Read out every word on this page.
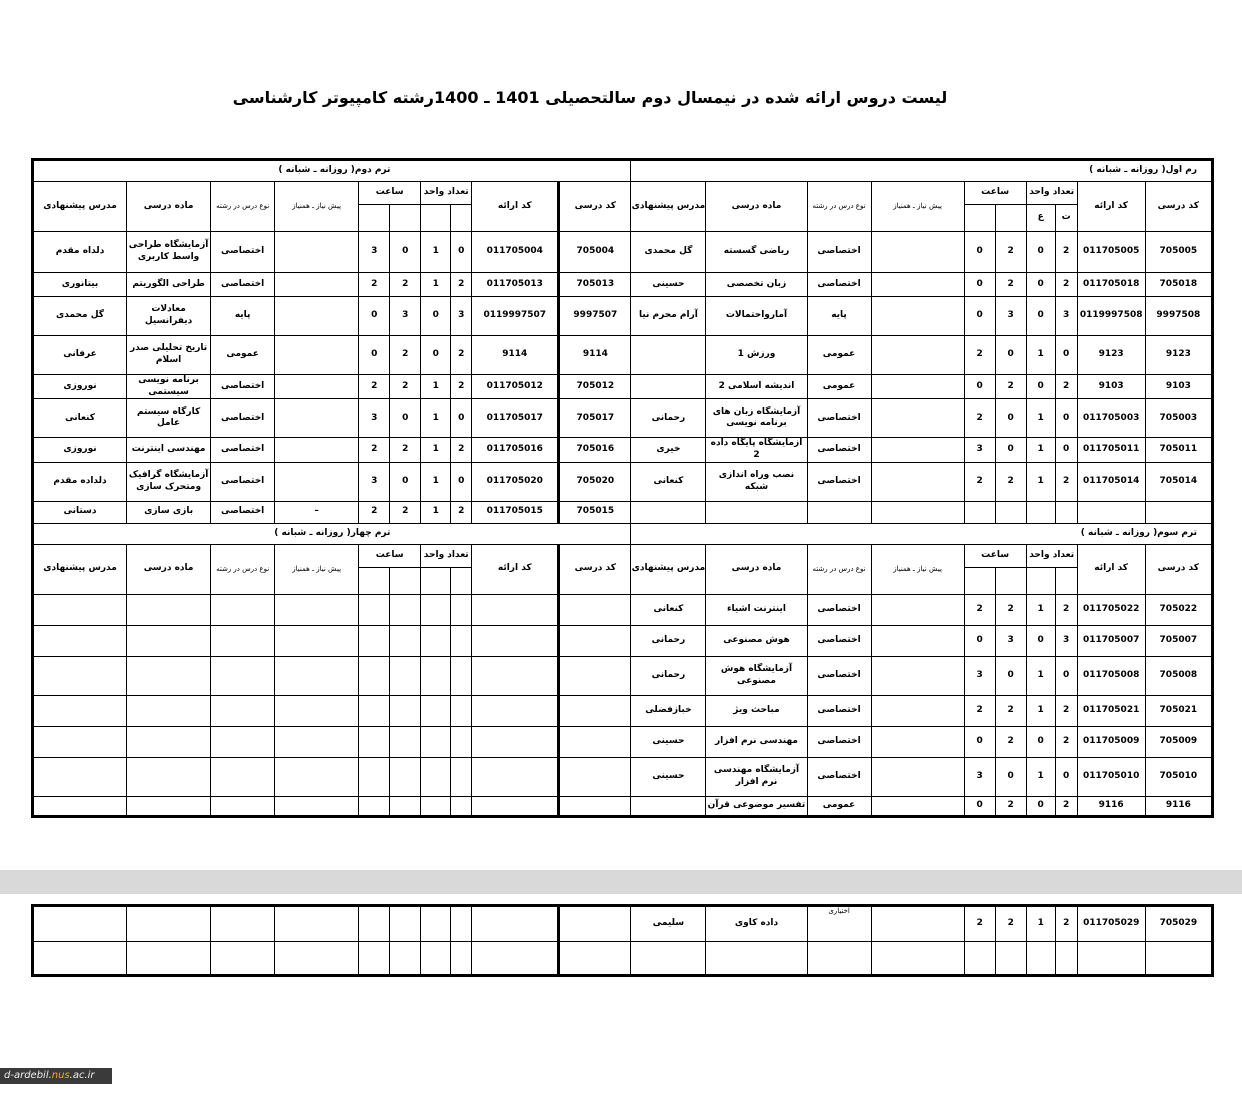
لیست دروس ارائه شده در نیمسال دوم سالتحصیلی 1401 ـ 1400رشته کامپیوتر کارشناسی
ترم دوم( روزانه ـ شبانه )										رم اول( روزانه ـ شبانه )									
مدرس پیشنهادی	ماده درسی	نوع درس در رشته	پیش نیاز ـ همنیاز	ساعت		تعداد واحد		کد ارائه	کد درسی	مدرس پیشنهادی	ماده درسی	نوع درس در رشته	پیش نیاز ـ همنیاز	ساعت		تعداد واحد		کد ارائه	کد درسی

																ع	ت		
دلداه مقدم	آزمایشگاه طراحی واسط کاربری	اختصاصی		3	0	1	0	011705004	705004	گل محمدی	ریاضی گسسته	اختصاصی		0	2	0	2	011705005	705005
بیتانوری	طراحی الگوریتم	اختصاصی		2	2	1	2	011705013	705013	حسینی	زبان تخصصی	اختصاصی		0	2	0	2	011705018	705018
گل محمدی	معادلات دیفرانسیل	پایه		0	3	0	3	0119997507	9997507	آرام محرم نیا	آمارواحتمالات	پایه		0	3	0	3	0119997508	9997508
عرفانی	تاریخ تحلیلی صدر اسلام	عمومی		0	2	0	2	9114	9114		ورزش 1	عمومی		2	0	1	0	9123	9123
نوروزی	برنامه نویسی سیستمی	اختصاصی		2	2	1	2	011705012	705012		اندیشه اسلامی 2	عمومی		0	2	0	2	9103	9103
کنعانی	کارگاه سیستم عامل	اختصاصی		3	0	1	0	011705017	705017	رحمانی	آزمایشگاه زبان های برنامه نویسی	اختصاصی		2	0	1	0	011705003	705003
نوروزی	مهندسی اینترنت	اختصاصی		2	2	1	2	011705016	705016	خیری	آزمایشگاه پایگاه داده 2	اختصاصی		3	0	1	0	011705011	705011
دلداده مقدم	آزمایشگاه گرافیک ومتحرک سازی	اختصاصی		3	0	1	0	011705020	705020	کنعانی	نصب وراه اندازی شبکه	اختصاصی		2	2	1	2	011705014	705014
دستانی	بازی سازی	اختصاصی	–	2	2	1	2	011705015	705015										
ترم چهار( روزانه ـ شبانه )										ترم سوم( روزانه ـ شبانه )									
مدرس پیشنهادی	ماده درسی	نوع درس در رشته	پیش نیاز ـ همنیاز	ساعت		تعداد واحد		کد ارائه	کد درسی	مدرس پیشنهادی	ماده درسی	نوع درس در رشته	پیش نیاز ـ همنیاز	ساعت		تعداد واحد		کد ارائه	کد درسی

										کنعانی	اینترنت اشیاء	اختصاصی		2	2	1	2	011705022	705022
										رحمانی	هوش مصنوعی	اختصاصی		0	3	0	3	011705007	705007
										رحمانی	آزمایشگاه هوش مصنوعی	اختصاصی		3	0	1	0	011705008	705008
										خبازفضلی	مباحث ویژ	اختصاصی		2	2	1	2	011705021	705021
										حسینی	مهندسی نرم افزار	اختصاصی		0	2	0	2	011705009	705009
										حسینی	آزمایشگاه مهندسی نرم افزار	اختصاصی		3	0	1	0	011705010	705010
											تفسیر موضوعی قرآن	عمومی		0	2	0	2	9116	9116
										سلیمی	داده کاوی	اختیاری		2	2	1	2	011705029	705029

d-ardebil.nus.ac.ir
